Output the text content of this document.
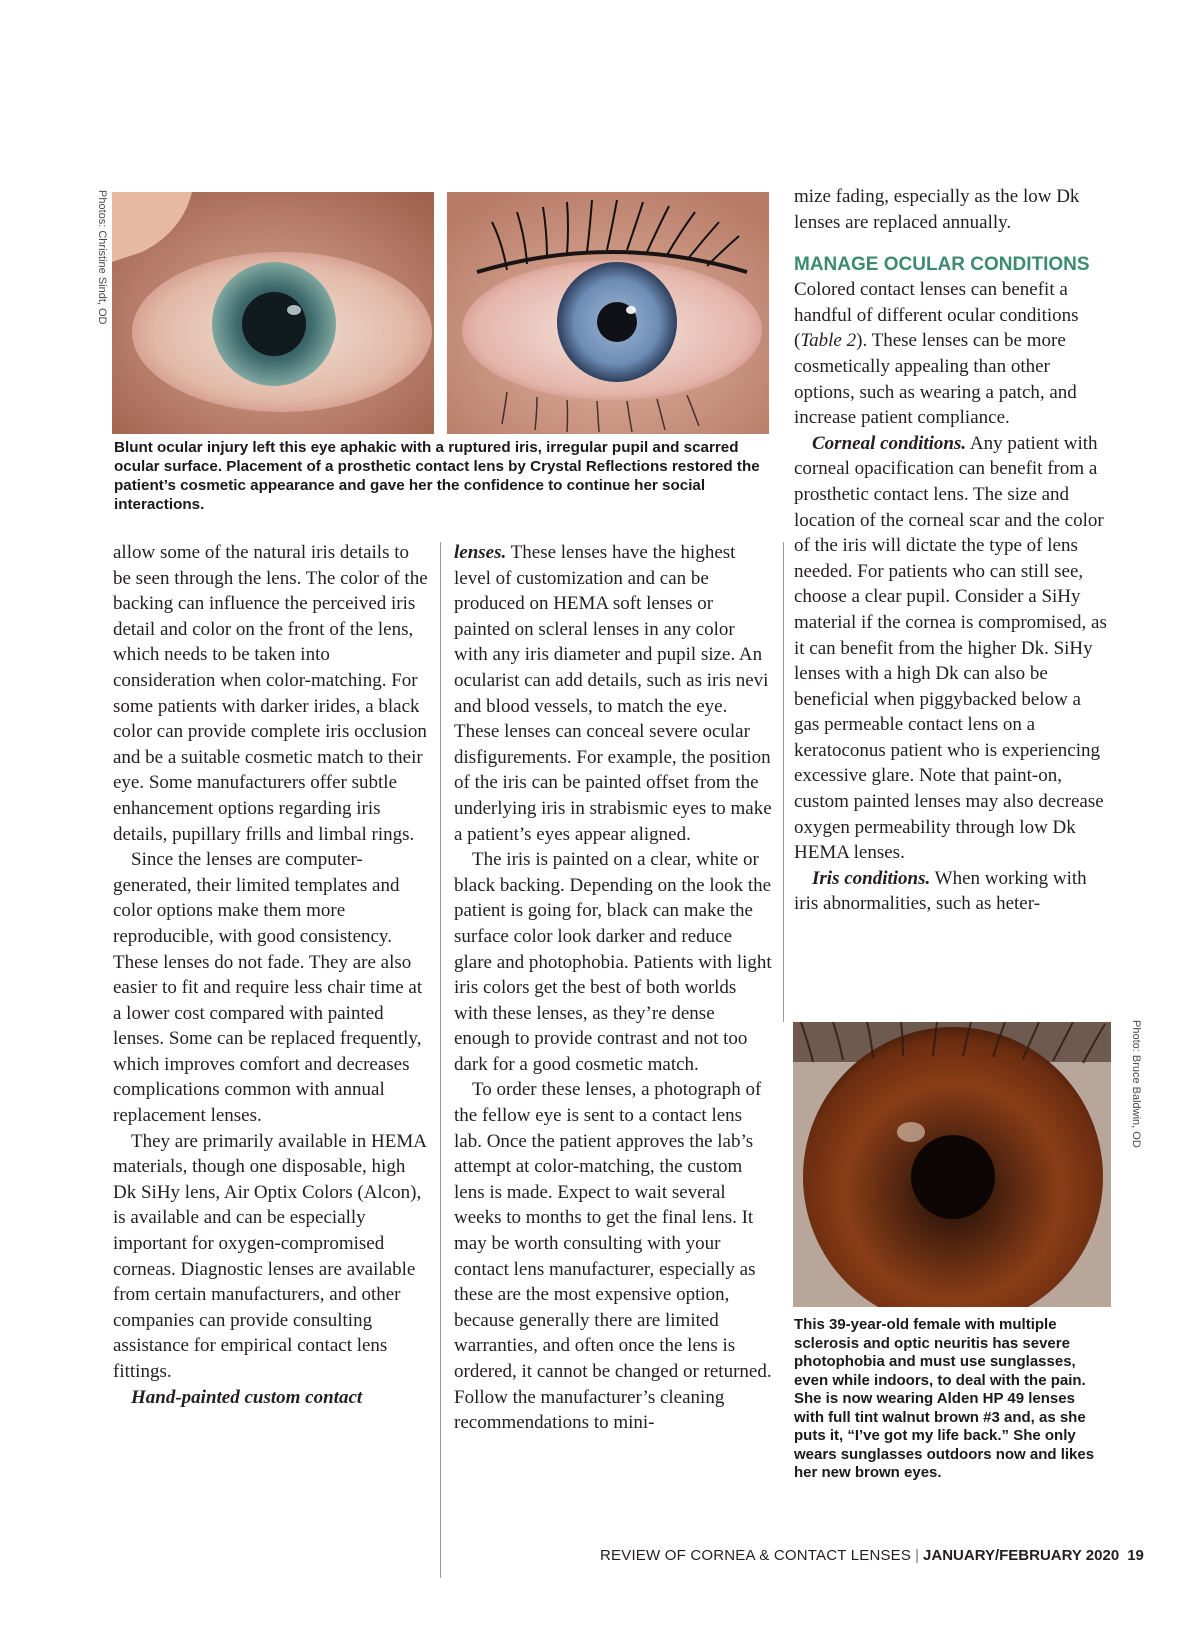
Photos: Christine Sindt, OD
Photo: Bruce Baldwin, OD

Blunt ocular injury left this eye aphakic with a ruptured iris, irregular pupil and scarred ocular surface. Placement of a prosthetic contact lens by Crystal Reflections restored the patient’s cosmetic appearance and gave her the confidence to continue her social interactions.

allow some of the natural iris details to be seen through the lens. The color of the backing can influence the perceived iris detail and color on the front of the lens, which needs to be taken into consideration when color-matching. For some patients with darker irides, a black color can provide complete iris occlusion and be a suitable cosmetic match to their eye. Some manufacturers offer subtle enhancement options regarding iris details, pupillary frills and limbal rings.

Since the lenses are computer-generated, their limited templates and color options make them more reproducible, with good consistency. These lenses do not fade. They are also easier to fit and require less chair time at a lower cost compared with painted lenses. Some can be replaced frequently, which improves comfort and decreases complications common with annual replacement lenses.

They are primarily available in HEMA materials, though one disposable, high Dk SiHy lens, Air Optix Colors (Alcon), is available and can be especially important for oxygen-compromised corneas. Diagnostic lenses are available from certain manufacturers, and other companies can provide consulting assistance for empirical contact lens fittings.

Hand-painted custom contact

lenses. These lenses have the highest level of customization and can be produced on HEMA soft lenses or painted on scleral lenses in any color with any iris diameter and pupil size. An ocularist can add details, such as iris nevi and blood vessels, to match the eye. These lenses can conceal severe ocular disfigurements. For example, the position of the iris can be painted offset from the underlying iris in strabismic eyes to make a patient’s eyes appear aligned.

The iris is painted on a clear, white or black backing. Depending on the look the patient is going for, black can make the surface color look darker and reduce glare and photophobia. Patients with light iris colors get the best of both worlds with these lenses, as they’re dense enough to provide contrast and not too dark for a good cosmetic match.

To order these lenses, a photograph of the fellow eye is sent to a contact lens lab. Once the patient approves the lab’s attempt at color-matching, the custom lens is made. Expect to wait several weeks to months to get the final lens. It may be worth consulting with your contact lens manufacturer, especially as these are the most expensive option, because generally there are limited warranties, and often once the lens is ordered, it cannot be changed or returned. Follow the manufacturer’s cleaning recommendations to mini-

mize fading, especially as the low Dk lenses are replaced annually.

MANAGE OCULAR CONDITIONS

Colored contact lenses can benefit a handful of different ocular conditions (Table 2). These lenses can be more cosmetically appealing than other options, such as wearing a patch, and increase patient compliance.

Corneal conditions. Any patient with corneal opacification can benefit from a prosthetic contact lens. The size and location of the corneal scar and the color of the iris will dictate the type of lens needed. For patients who can still see, choose a clear pupil. Consider a SiHy material if the cornea is compromised, as it can benefit from the higher Dk. SiHy lenses with a high Dk can also be beneficial when piggybacked below a gas permeable contact lens on a keratoconus patient who is experiencing excessive glare. Note that paint-on, custom painted lenses may also decrease oxygen permeability through low Dk HEMA lenses.

Iris conditions. When working with iris abnormalities, such as heter-

This 39-year-old female with multiple sclerosis and optic neuritis has severe photophobia and must use sunglasses, even while indoors, to deal with the pain. She is now wearing Alden HP 49 lenses with full tint walnut brown #3 and, as she puts it, “I’ve got my life back.” She only wears sunglasses outdoors now and likes her new brown eyes.

REVIEW OF CORNEA & CONTACT LENSES | JANUARY/FEBRUARY 2020 19
